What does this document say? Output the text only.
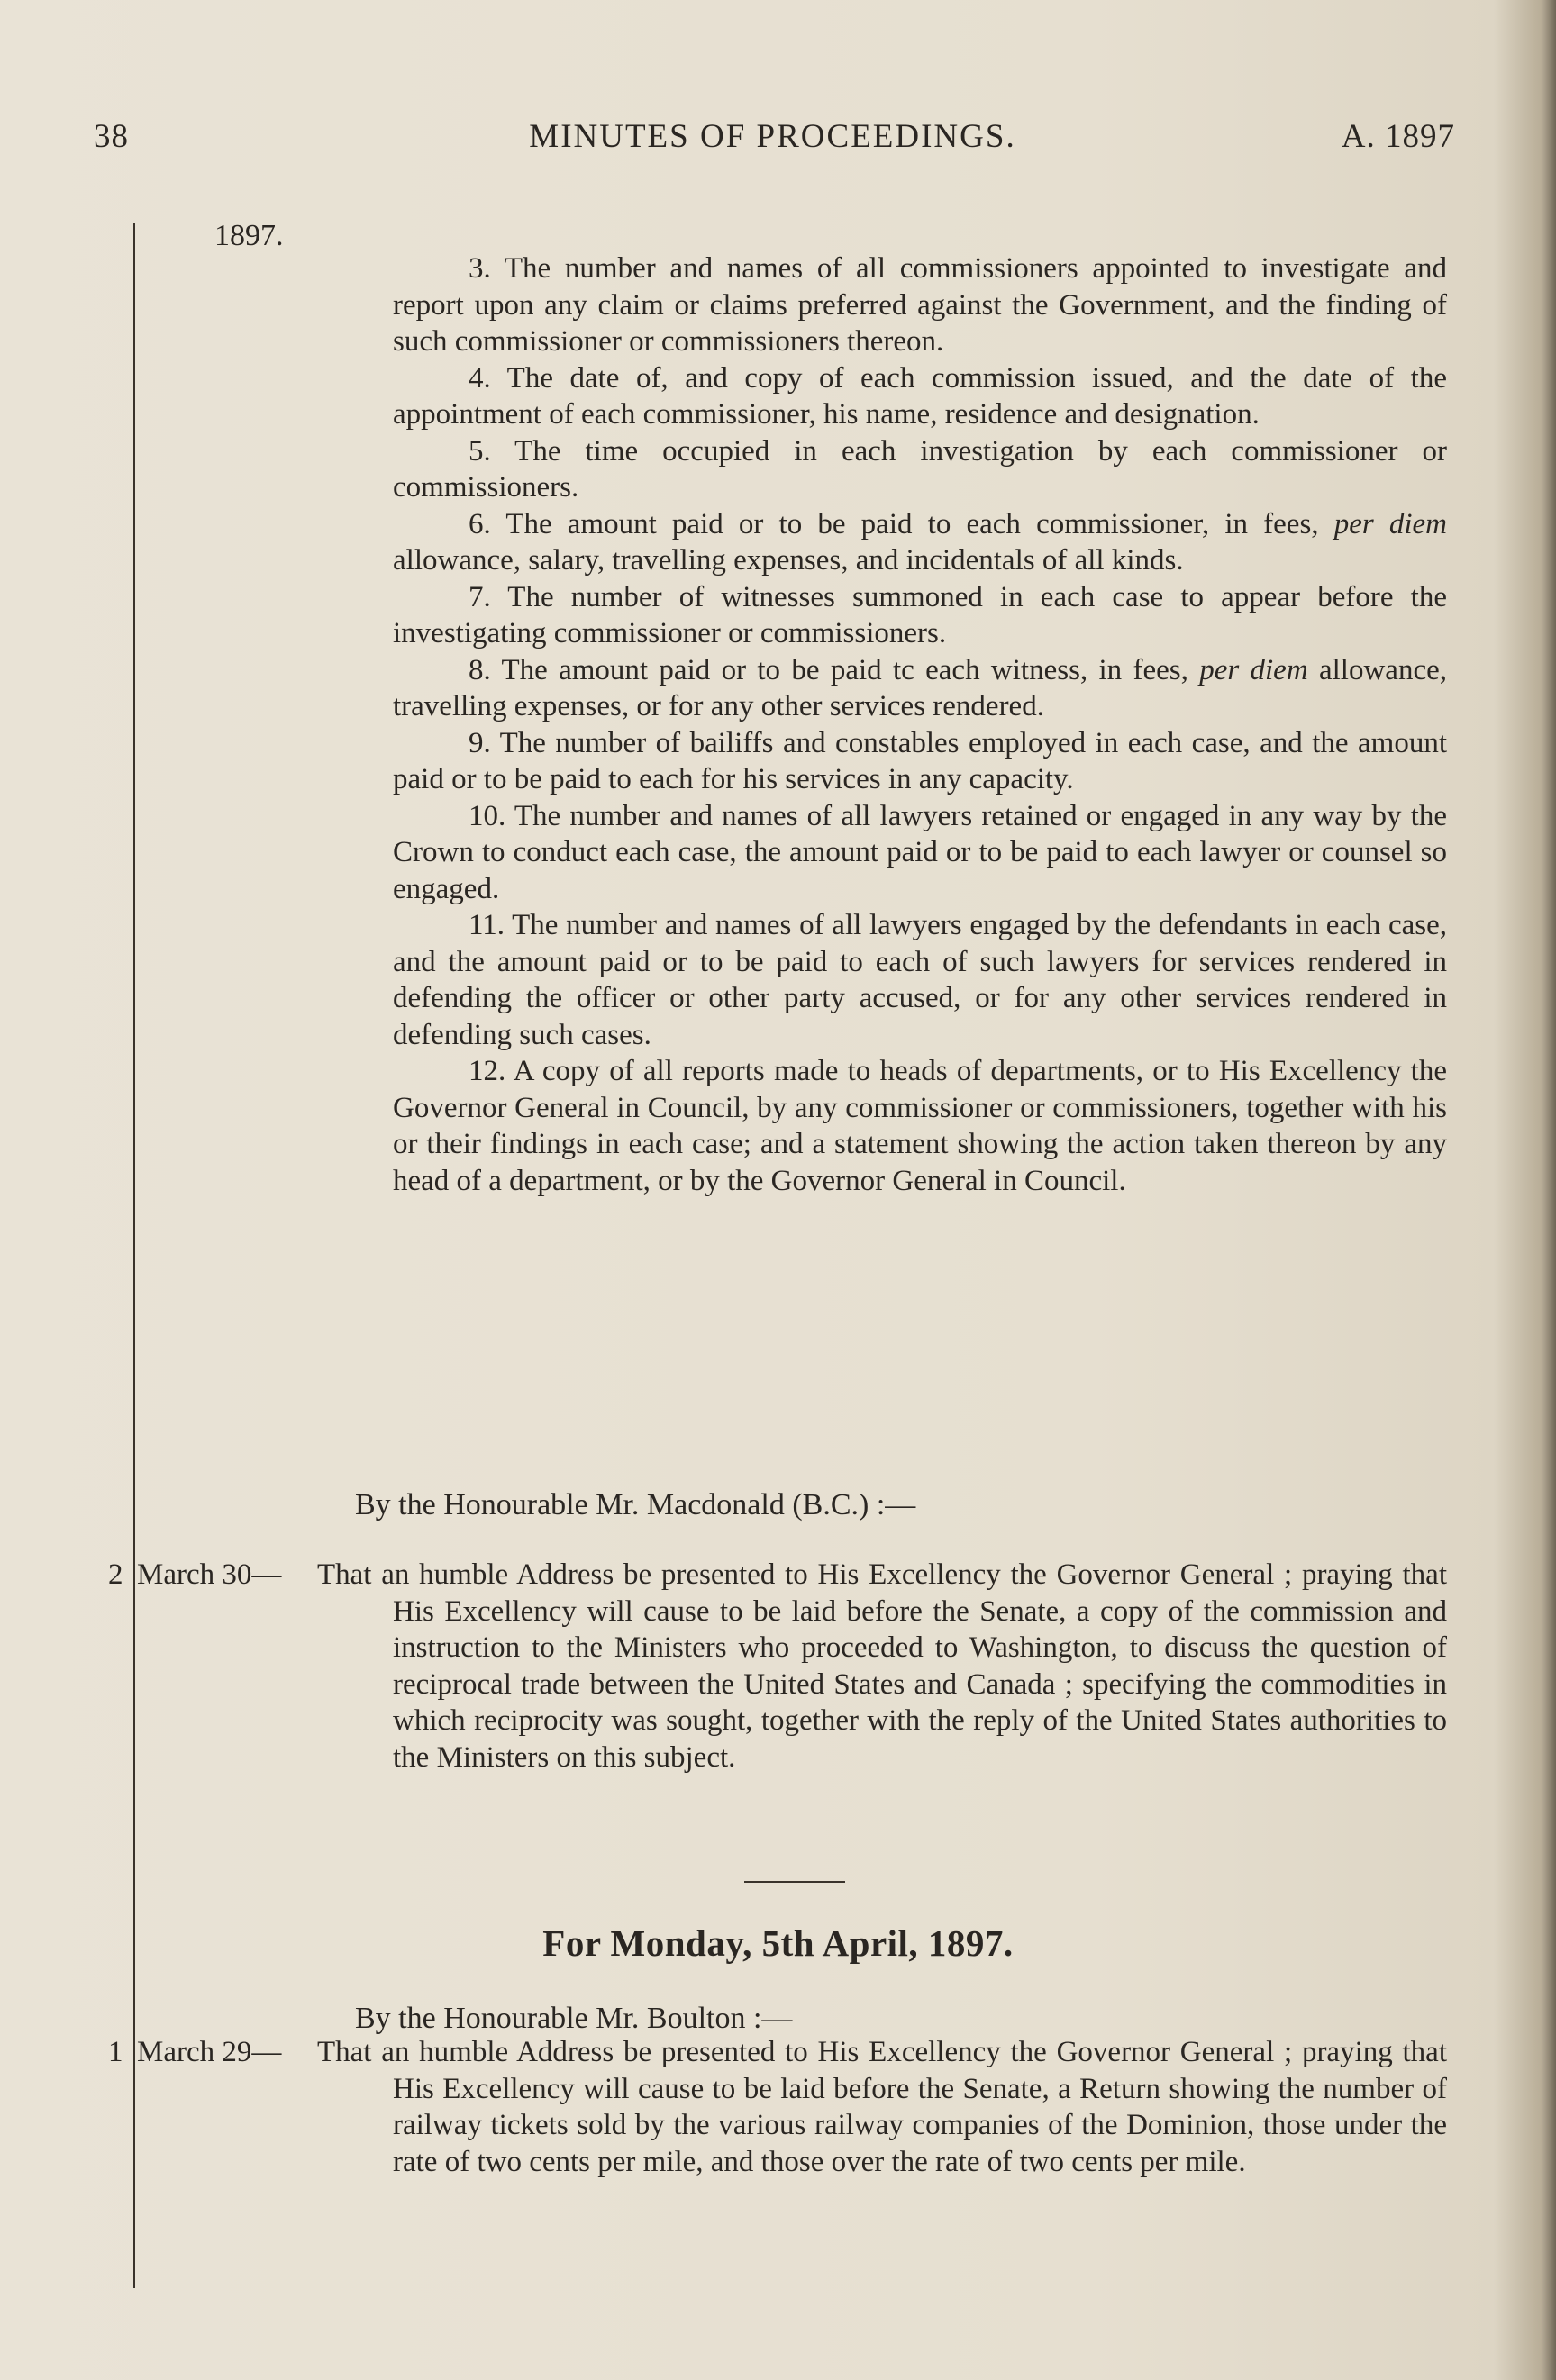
38	MINUTES OF PROCEEDINGS.	A. 1897
1897.

3. The number and names of all commissioners appointed to investigate and report upon any claim or claims preferred against the Government, and the finding of such commissioner or commissioners thereon.

4. The date of, and copy of each commission issued, and the date of the appointment of each commissioner, his name, residence and designation.

5. The time occupied in each investigation by each commissioner or commissioners.

6. The amount paid or to be paid to each commissioner, in fees, per diem allowance, salary, travelling expenses, and incidentals of all kinds.

7. The number of witnesses summoned in each case to appear before the investigating commissioner or commissioners.

8. The amount paid or to be paid tc each witness, in fees, per diem allowance, travelling expenses, or for any other services rendered.

9. The number of bailiffs and constables employed in each case, and the amount paid or to be paid to each for his services in any capacity.

10. The number and names of all lawyers retained or engaged in any way by the Crown to conduct each case, the amount paid or to be paid to each lawyer or counsel so engaged.

11. The number and names of all lawyers engaged by the defendants in each case, and the amount paid or to be paid to each of such lawyers for services rendered in defending the officer or other party accused, or for any other services rendered in defending such cases.

12. A copy of all reports made to heads of departments, or to His Excellency the Governor General in Council, by any commissioner or commissioners, together with his or their findings in each case; and a statement showing the action taken thereon by any head of a department, or by the Governor General in Council.

By the Honourable Mr. Macdonald (B.C.) :—
2 March 30— That an humble Address be presented to His Excellency the Governor General ; praying that His Excellency will cause to be laid before the Senate, a copy of the commission and instruction to the Ministers who proceeded to Washington, to discuss the question of reciprocal trade between the United States and Canada ; specifying the commodities in which reciprocity was sought, together with the reply of the United States authorities to the Ministers on this subject.
For Monday, 5th April, 1897.
By the Honourable Mr. Boulton :—
1 March 29— That an humble Address be presented to His Excellency the Governor General ; praying that His Excellency will cause to be laid before the Senate, a Return showing the number of railway tickets sold by the various railway companies of the Dominion, those under the rate of two cents per mile, and those over the rate of two cents per mile.
